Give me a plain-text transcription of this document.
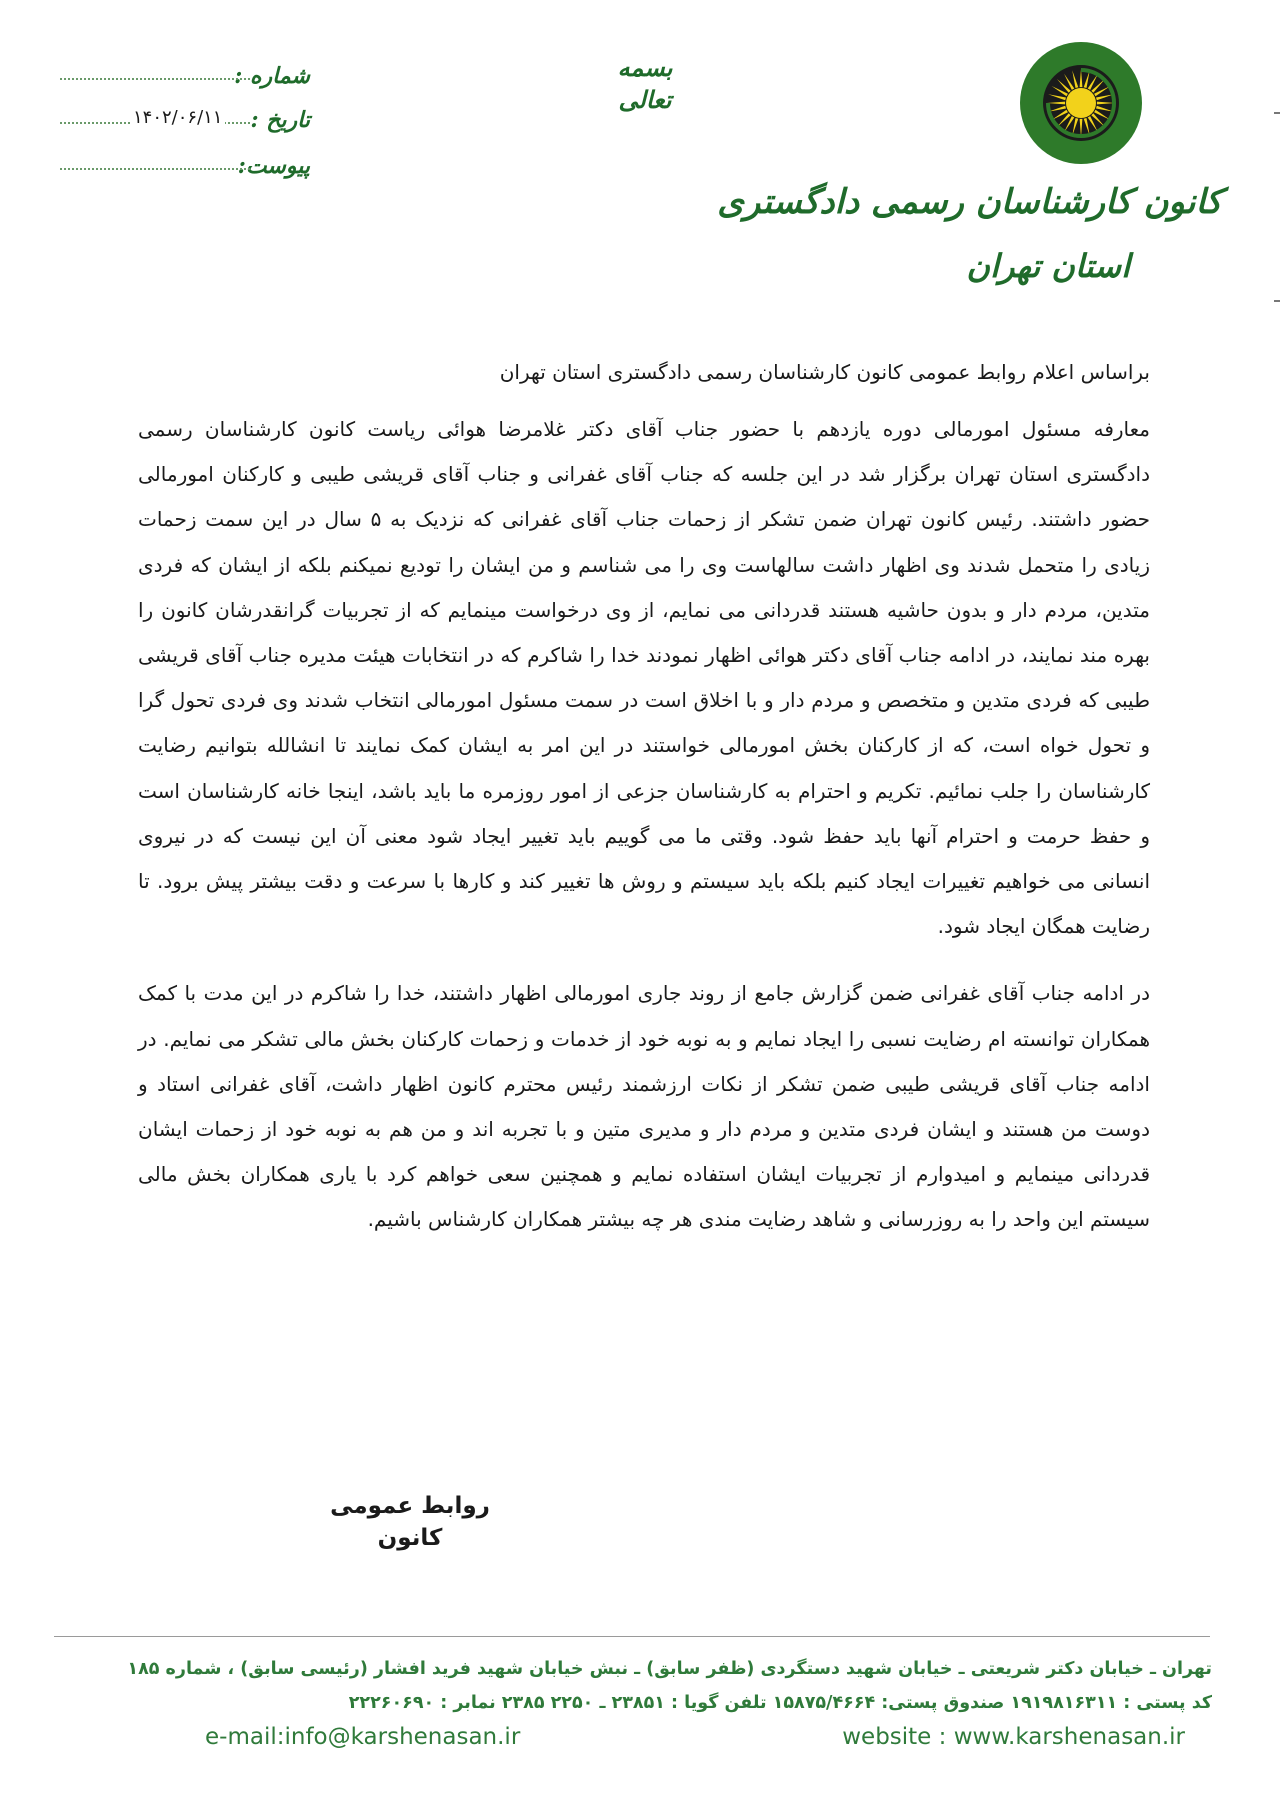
کانون کارشناسان رسمی دادگستری
استان تهران
بسمه تعالی
شماره :
تاریخ :
۱۴۰۲/۰۶/۱۱
پیوست:

براساس اعلام روابط عمومی کانون کارشناسان رسمی دادگستری استان تهران

معارفه مسئول امورمالی دوره یازدهم با حضور جناب آقای دکتر غلامرضا هوائی ریاست کانون کارشناسان رسمی دادگستری استان تهران برگزار شد در این جلسه که جناب آقای غفرانی و جناب آقای قریشی طیبی و کارکنان امورمالی حضور داشتند. رئیس کانون تهران ضمن تشکر از زحمات جناب آقای غفرانی که نزدیک به ۵ سال در این سمت زحمات زیادی را متحمل شدند وی اظهار داشت سالهاست وی را می شناسم و من ایشان را تودیع نمیکنم بلکه از ایشان که فردی متدین، مردم دار و بدون حاشیه هستند قدردانی می نمایم، از وی درخواست مینمایم که از تجربیات گرانقدرشان کانون را بهره مند نمایند، در ادامه جناب آقای دکتر هوائی اظهار نمودند خدا را شاکرم که در انتخابات هیئت مدیره جناب آقای قریشی طیبی که فردی متدین و متخصص و مردم دار و با اخلاق است در سمت مسئول امورمالی انتخاب شدند وی فردی تحول گرا و تحول خواه است، که از کارکنان بخش امورمالی خواستند در این امر به ایشان کمک نمایند تا انشالله بتوانیم رضایت کارشناسان را جلب نمائیم. تکریم و احترام به کارشناسان جزعی از امور روزمره ما باید باشد، اینجا خانه کارشناسان است و حفظ حرمت و احترام آنها باید حفظ شود. وقتی ما می گوییم باید تغییر ایجاد شود معنی آن این نیست که در نیروی انسانی می خواهیم تغییرات ایجاد کنیم بلکه باید سیستم و روش ها تغییر کند و کارها با سرعت و دقت بیشتر پیش برود. تا رضایت همگان ایجاد شود.

در ادامه جناب آقای غفرانی ضمن گزارش جامع از روند جاری امورمالی اظهار داشتند، خدا را شاکرم در این مدت با کمک همکاران توانسته ام رضایت نسبی را ایجاد نمایم و به نوبه خود از خدمات و زحمات کارکنان بخش مالی تشکر می نمایم. در ادامه جناب آقای قریشی طیبی ضمن تشکر از نکات ارزشمند رئیس محترم کانون اظهار داشت، آقای غفرانی استاد و دوست من هستند و ایشان فردی متدین و مردم دار و مدیری متین و با تجربه اند و من هم به نوبه خود از زحمات ایشان قدردانی مینمایم و امیدوارم از تجربیات ایشان استفاده نمایم و همچنین سعی خواهم کرد با یاری همکاران بخش مالی سیستم این واحد را به روزرسانی و شاهد رضایت مندی هر چه بیشتر همکاران کارشناس باشیم.

روابط عمومی کانون
تهران ـ خیابان دکتر شریعتی ـ خیابان شهید دستگردی (ظفر سابق) ـ نبش خیابان شهید فرید افشار (رئیسی سابق) ، شماره ۱۸۵
کد پستی : ۱۹۱۹۸۱۶۳۱۱ صندوق پستی: ۱۵۸۷۵/۴۶۶۴ تلفن گویا : ۲۳۸۵۱ ـ ۲۲۵۰ ۲۳۸۵ نمابر : ۲۲۲۶۰۶۹۰
e-mail:info@karshenasan.ir	website : www.karshenasan.ir
